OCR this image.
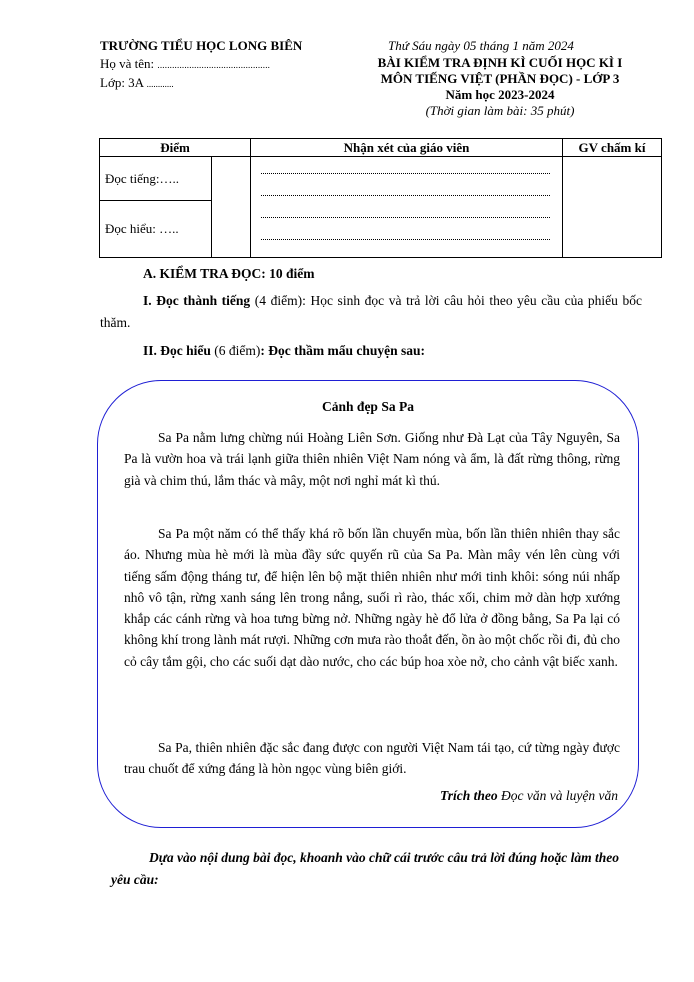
TRƯỜNG TIỂU HỌC LONG BIÊN
Họ và tên: ..............................................
Lớp: 3A ............
Thứ Sáu ngày 05 tháng 1 năm 2024
BÀI KIỂM TRA ĐỊNH KÌ CUỐI HỌC KÌ I
MÔN TIẾNG VIỆT (PHẦN ĐỌC) - LỚP 3
Năm học 2023-2024
(Thời gian làm bài: 35 phút)
Điểm		Nhận xét của giáo viên	GV chấm kí
Đọc tiếng:…..		

Đọc hiểu: …..			
A. KIỂM TRA ĐỌC: 10 điểm
I. Đọc thành tiếng (4 điểm): Học sinh đọc và trả lời câu hỏi theo yêu cầu của phiếu bốc thăm.
II. Đọc hiểu (6 điểm): Đọc thầm mẩu chuyện sau:
Cảnh đẹp Sa Pa

Sa Pa nằm lưng chừng núi Hoàng Liên Sơn. Giống như Đà Lạt của Tây Nguyên, Sa Pa là vườn hoa và trái lạnh giữa thiên nhiên Việt Nam nóng và ẩm, là đất rừng thông, rừng già và chim thú, lắm thác và mây, một nơi nghỉ mát kì thú.

Sa Pa một năm có thể thấy khá rõ bốn lần chuyển mùa, bốn lần thiên nhiên thay sắc áo. Nhưng mùa hè mới là mùa đầy sức quyến rũ của Sa Pa. Màn mây vén lên cùng với tiếng sấm động tháng tư, để hiện lên bộ mặt thiên nhiên như mới tinh khôi: sóng núi nhấp nhô vô tận, rừng xanh sáng lên trong nắng, suối rì rào, thác xối, chim mở dàn hợp xướng khắp các cánh rừng và hoa tưng bừng nở. Những ngày hè đổ lửa ở đồng bằng, Sa Pa lại có không khí trong lành mát rượi. Những cơn mưa rào thoắt đến, ồn ào một chốc rồi đi, đủ cho cỏ cây tắm gội, cho các suối dạt dào nước, cho các búp hoa xòe nở, cho cảnh vật biếc xanh.

Sa Pa, thiên nhiên đặc sắc đang được con người Việt Nam tái tạo, cứ từng ngày được trau chuốt để xứng đáng là hòn ngọc vùng biên giới.

Trích theo Đọc văn và luyện văn
Dựa vào nội dung bài đọc, khoanh vào chữ cái trước câu trả lời đúng hoặc làm theo yêu cầu:
